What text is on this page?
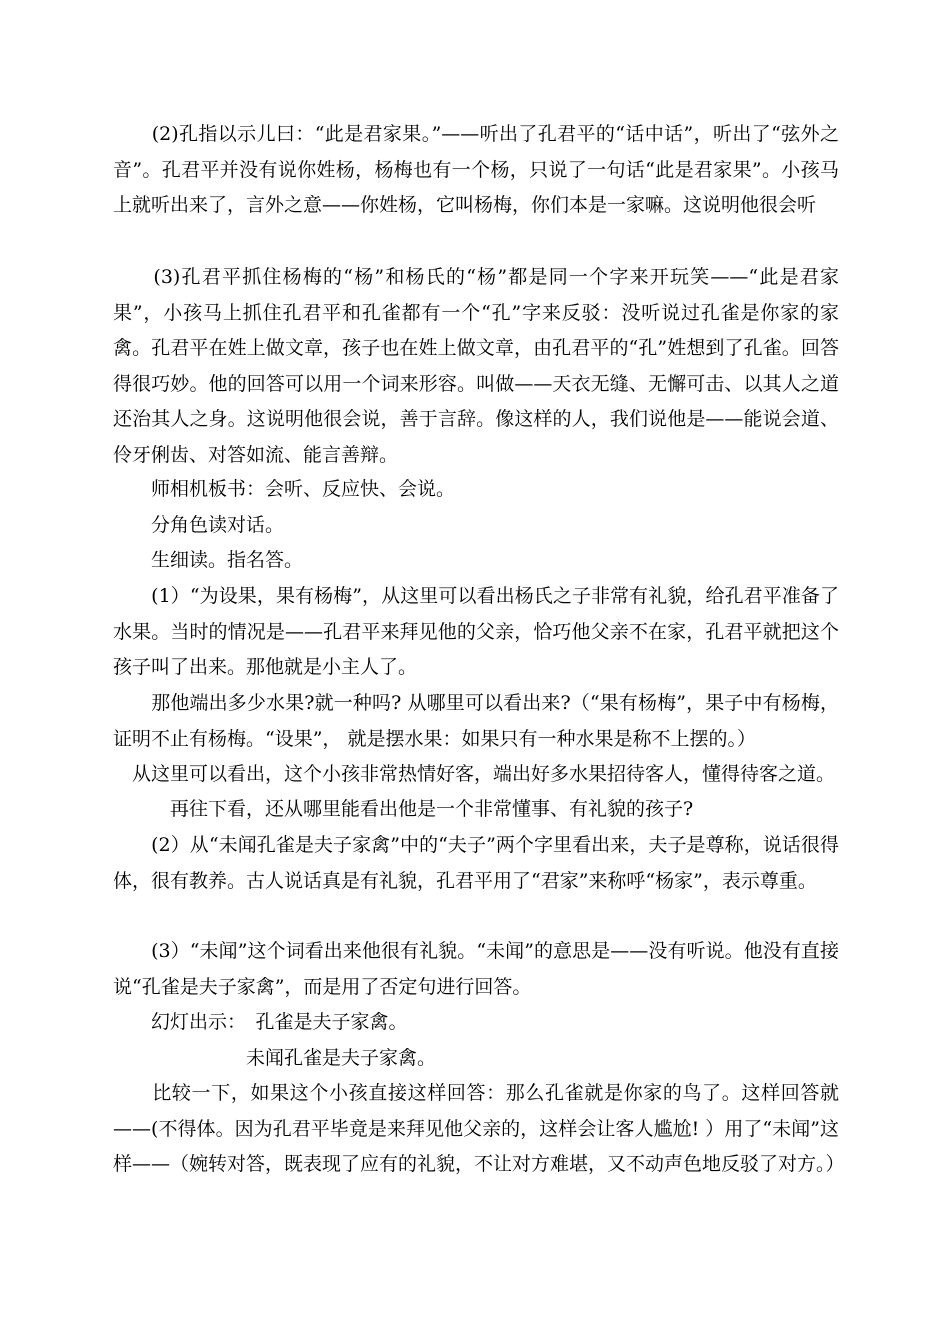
　　(2)孔指以示儿曰：“此是君家果。”——听出了孔君平的“话中话”，听出了“弦外之音”。孔君平并没有说你姓杨，杨梅也有一个杨，只说了一句话“此是君家果”。小孩马上就听出来了，言外之意——你姓杨，它叫杨梅，你们本是一家嘛。这说明他很会听

　　(3)孔君平抓住杨梅的“杨”和杨氏的“杨”都是同一个字来开玩笑——“此是君家果”，小孩马上抓住孔君平和孔雀都有一个“孔”字来反驳：没听说过孔雀是你家的家禽。孔君平在姓上做文章，孩子也在姓上做文章，由孔君平的“孔”姓想到了孔雀。回答得很巧妙。他的回答可以用一个词来形容。叫做——天衣无缝、无懈可击、以其人之道还治其人之身。这说明他很会说，善于言辞。像这样的人，我们说他是——能说会道、伶牙俐齿、对答如流、能言善辩。

　　师相机板书：会听、反应快、会说。

　　分角色读对话。

　　生细读。指名答。

　　(1）“为设果，果有杨梅”，从这里可以看出杨氏之子非常有礼貌，给孔君平准备了水果。当时的情况是——孔君平来拜见他的父亲，恰巧他父亲不在家，孔君平就把这个孩子叫了出来。那他就是小主人了。

　　那他端出多少水果?就一种吗? 从哪里可以看出来?（“果有杨梅”，果子中有杨梅，证明不止有杨梅。“设果”， 就是摆水果：如果只有一种水果是称不上摆的。）

　从这里可以看出，这个小孩非常热情好客，端出好多水果招待客人，懂得待客之道。

　　　再往下看，还从哪里能看出他是一个非常懂事、有礼貌的孩子?

　　(2）从“未闻孔雀是夫子家禽”中的“夫子”两个字里看出来，夫子是尊称，说话很得体，很有教养。古人说话真是有礼貌，孔君平用了“君家”来称呼“杨家”，表示尊重。

　　(3）“未闻”这个词看出来他很有礼貌。“未闻”的意思是——没有听说。他没有直接说“孔雀是夫子家禽”，而是用了否定句进行回答。

　　幻灯出示：　孔雀是夫子家禽。

　　　　　　　未闻孔雀是夫子家禽。

　　比较一下，如果这个小孩直接这样回答：那么孔雀就是你家的鸟了。这样回答就——(不得体。因为孔君平毕竟是来拜见他父亲的，这样会让客人尴尬! ）用了“未闻”这样——（婉转对答，既表现了应有的礼貌，不让对方难堪，又不动声色地反驳了对方。）
